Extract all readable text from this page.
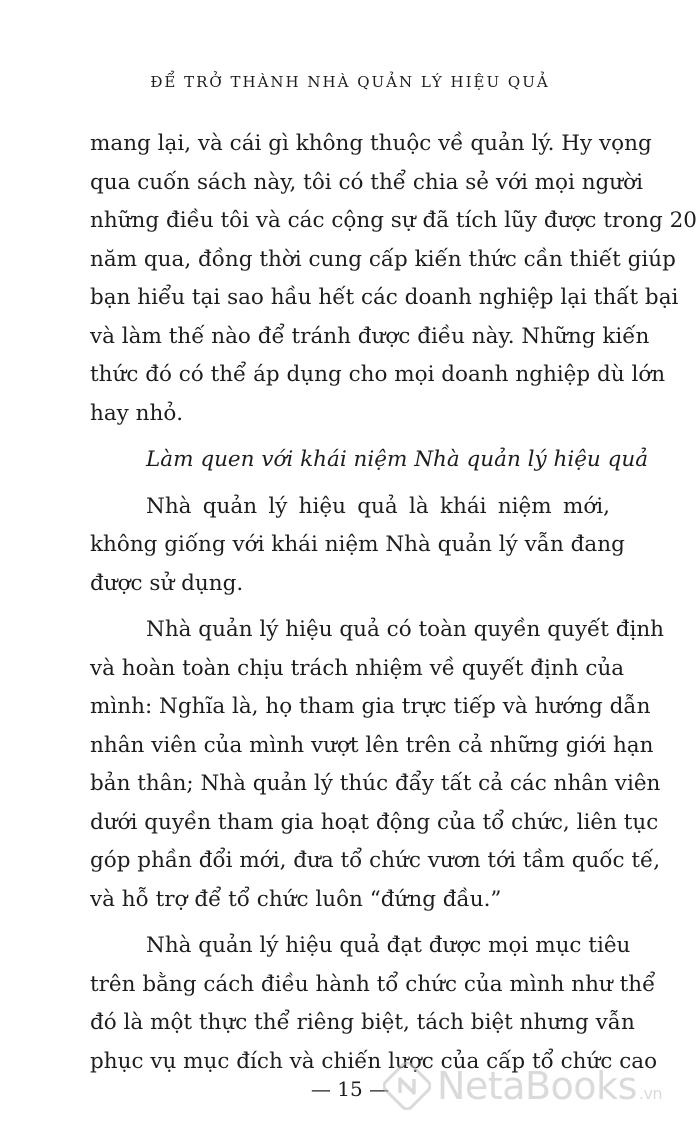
ĐỂ TRỞ THÀNH NHÀ QUẢN LÝ HIỆU QUẢ
mang lại, và cái gì không thuộc về quản lý. Hy vọng
qua cuốn sách này, tôi có thể chia sẻ với mọi người
những điều tôi và các cộng sự đã tích lũy được trong 20
năm qua, đồng thời cung cấp kiến thức cần thiết giúp
bạn hiểu tại sao hầu hết các doanh nghiệp lại thất bại
và làm thế nào để tránh được điều này. Những kiến
thức đó có thể áp dụng cho mọi doanh nghiệp dù lớn
hay nhỏ.
Làm quen với khái niệm Nhà quản lý hiệu quả
Nhà quản lý hiệu quả là khái niệm mới,
không giống với khái niệm Nhà quản lý vẫn đang
được sử dụng.
Nhà quản lý hiệu quả có toàn quyền quyết định
và hoàn toàn chịu trách nhiệm về quyết định của
mình: Nghĩa là, họ tham gia trực tiếp và hướng dẫn
nhân viên của mình vượt lên trên cả những giới hạn
bản thân; Nhà quản lý thúc đẩy tất cả các nhân viên
dưới quyền tham gia hoạt động của tổ chức, liên tục
góp phần đổi mới, đưa tổ chức vươn tới tầm quốc tế,
và hỗ trợ để tổ chức luôn “đứng đầu.”
Nhà quản lý hiệu quả đạt được mọi mục tiêu
trên bằng cách điều hành tổ chức của mình như thể
đó là một thực thể riêng biệt, tách biệt nhưng vẫn
phục vụ mục đích và chiến lược của cấp tổ chức cao
— 15 —	NetaBooks .vn
